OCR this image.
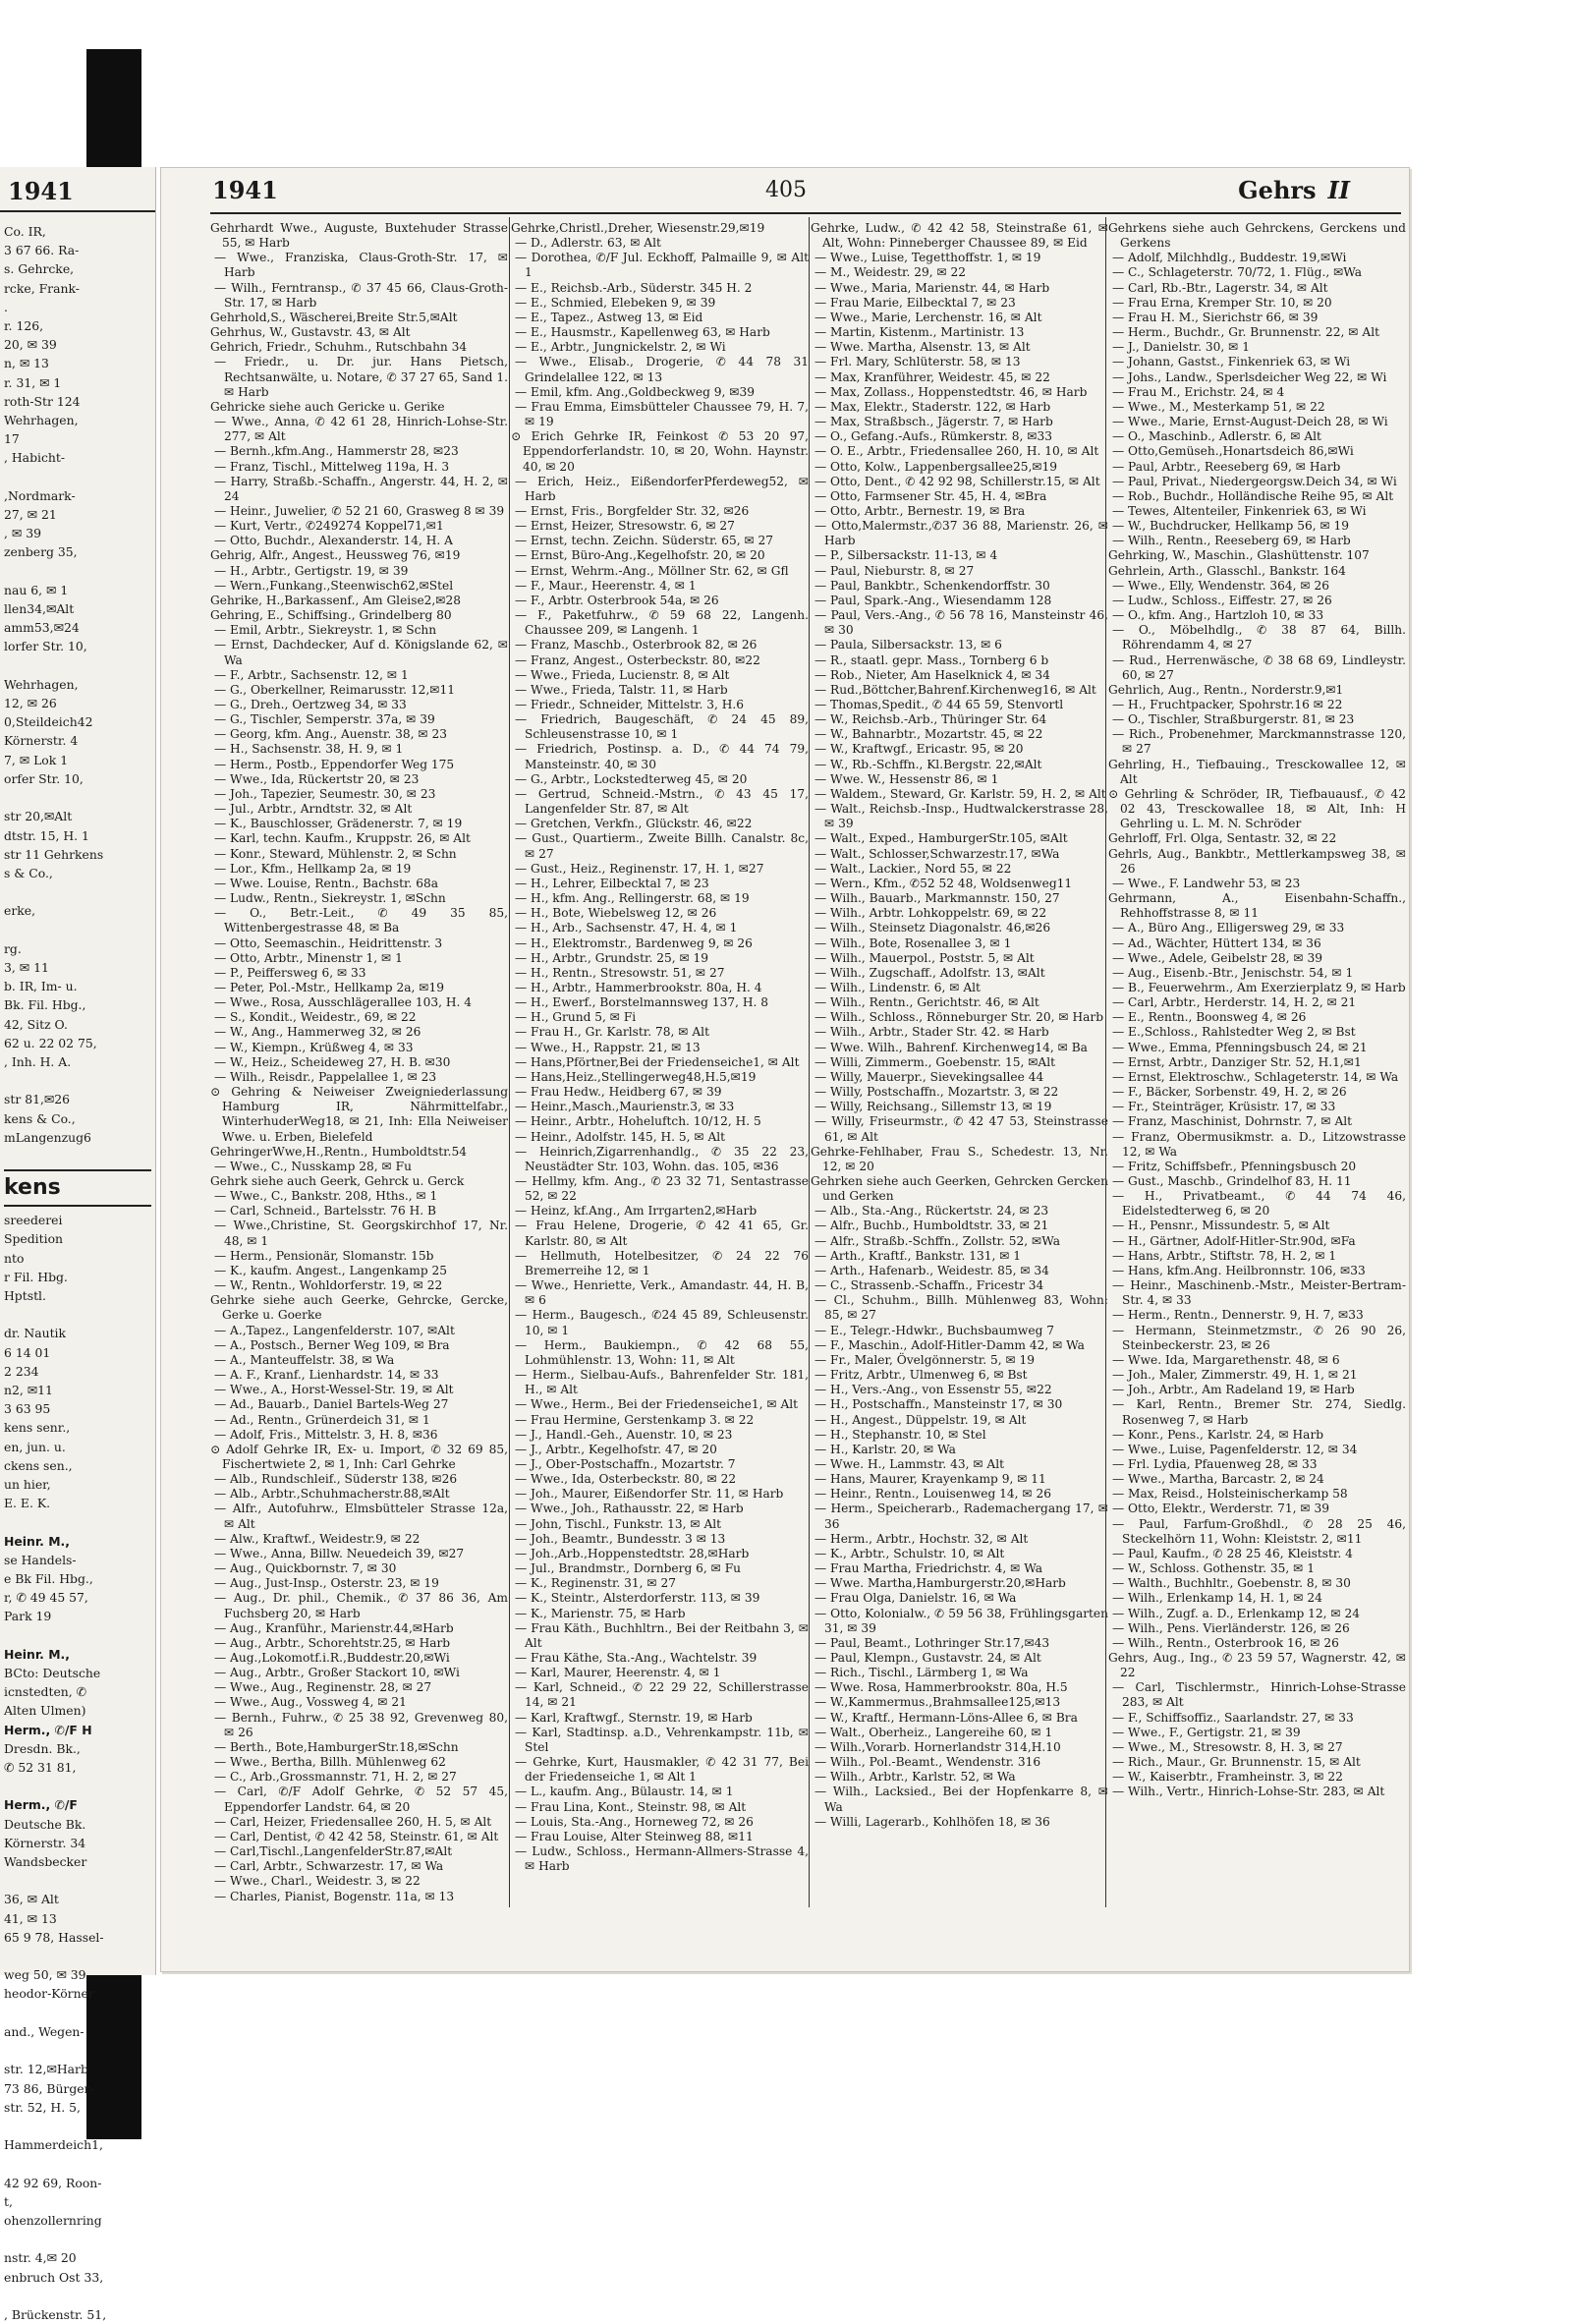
1941
Co. IR,
3 67 66. Ra-
s. Gehrcke,
rcke, Frank-
.
r. 126,
20, ✉ 39
n, ✉ 13
r. 31, ✉ 1
roth-Str 124
Wehrhagen,
17
, Habicht-

,Nordmark-
27, ✉ 21
, ✉ 39
zenberg 35,

nau 6, ✉ 1
llen34,✉Alt
amm53,✉24
lorfer Str. 10,

Wehrhagen,
12, ✉ 26
0,Steildeich42
Körnerstr. 4
7, ✉ Lok 1
orfer Str. 10,

str 20,✉Alt
dtstr. 15, H. 1
str 11 Gehrkens
s & Co.,

erke,

rg.
3, ✉ 11
b. IR, Im- u.
Bk. Fil. Hbg.,
42, Sitz O.
62 u. 22 02 75,
, Inh. H. A.

str 81,✉26
kens & Co.,
mLangenzug6

kens
sreederei
Spedition
nto
r Fil. Hbg.
Hptstl.

dr. Nautik
6 14 01
2 234
n2, ✉11
3 63 95
kens senr.,
en, jun. u.
ckens sen.,
un hier,
E. E. K.

Heinr. M.,
se Handels-
e Bk Fil. Hbg.,
r, ✆ 49 45 57,
Park 19

Heinr. M.,
BCto: Deutsche
icnstedten, ✆
Alten Ulmen)
Herm., ✆/F H
Dresdn. Bk.,
✆ 52 31 81,

Herm., ✆/F
Deutsche Bk.
Körnerstr. 34
Wandsbecker

36, ✉ Alt
41, ✉ 13
65 9 78, Hassel-

weg 50, ✉ 39
heodor-Körner

and., Wegen-

str. 12,✉Harb
73 86, Bürger-
str. 52, H. 5,

Hammerdeich1,

42 92 69, Roon-
t,
ohenzollernring

nstr. 4,✉ 20
enbruch Ost 33,

, Brückenstr. 51,
1941	405	Gehrs II

Gehrhardt Wwe., Auguste, Buxtehuder Strasse 55, ✉ Harb

— Wwe., Franziska, Claus-Groth-Str. 17, ✉ Harb

— Wilh., Ferntransp., ✆ 37 45 66, Claus-Groth-Str. 17, ✉ Harb

Gehrhold,S., Wäscherei,Breite Str.5,✉Alt

Gehrhus, W., Gustavstr. 43, ✉ Alt

Gehrich, Friedr., Schuhm., Rutschbahn 34

— Friedr., u. Dr. jur. Hans Pietsch, Rechtsanwälte, u. Notare, ✆ 37 27 65, Sand 1. ✉ Harb

Gehricke siehe auch Gericke u. Gerike

— Wwe., Anna, ✆ 42 61 28, Hinrich-Lohse-Str. 277, ✉ Alt

— Bernh.,kfm.Ang., Hammerstr 28, ✉23

— Franz, Tischl., Mittelweg 119a, H. 3

— Harry, Straßb.-Schaffn., Angerstr. 44, H. 2, ✉ 24

— Heinr., Juwelier, ✆ 52 21 60, Grasweg 8 ✉ 39

— Kurt, Vertr., ✆249274 Koppel71,✉1

— Otto, Buchdr., Alexanderstr. 14, H. A

Gehrig, Alfr., Angest., Heussweg 76, ✉19

— H., Arbtr., Gertigstr. 19, ✉ 39

— Wern.,Funkang.,Steenwisch62,✉Stel

Gehrike, H.,Barkassenf., Am Gleise2,✉28

Gehring, E., Schiffsing., Grindelberg 80

— Emil, Arbtr., Siekreystr. 1, ✉ Schn

— Ernst, Dachdecker, Auf d. Königslande 62, ✉ Wa

— F., Arbtr., Sachsenstr. 12, ✉ 1

— G., Oberkellner, Reimarusstr. 12,✉11

— G., Dreh., Oertzweg 34, ✉ 33

— G., Tischler, Semperstr. 37a, ✉ 39

— Georg, kfm. Ang., Auenstr. 38, ✉ 23

— H., Sachsenstr. 38, H. 9, ✉ 1

— Herm., Postb., Eppendorfer Weg 175

— Wwe., Ida, Rückertstr 20, ✉ 23

— Joh., Tapezier, Seumestr. 30, ✉ 23

— Jul., Arbtr., Arndtstr. 32, ✉ Alt

— K., Bauschlosser, Grädenerstr. 7, ✉ 19

— Karl, techn. Kaufm., Kruppstr. 26, ✉ Alt

— Konr., Steward, Mühlenstr. 2, ✉ Schn

— Lor., Kfm., Hellkamp 2a, ✉ 19

— Wwe. Louise, Rentn., Bachstr. 68a

— Ludw., Rentn., Siekreystr. 1, ✉Schn

— O., Betr.-Leit., ✆ 49 35 85, Wittenbergestrasse 48, ✉ Ba

— Otto, Seemaschin., Heidrittenstr. 3

— Otto, Arbtr., Minenstr 1, ✉ 1

— P., Peiffersweg 6, ✉ 33

— Peter, Pol.-Mstr., Hellkamp 2a, ✉19

— Wwe., Rosa, Ausschlägerallee 103, H. 4

— S., Kondit., Weidestr., 69, ✉ 22

— W., Ang., Hammerweg 32, ✉ 26

— W., Kiempn., Krüßweg 4, ✉ 33

— W., Heiz., Scheideweg 27, H. B. ✉30

— Wilh., Reisdr., Pappelallee 1, ✉ 23

⊙ Gehring & Neiweiser Zweigniederlassung Hamburg IR, Nährmittelfabr., WinterhuderWeg18, ✉ 21, Inh: Ella Neiweiser Wwe. u. Erben, Bielefeld

GehringerWwe,H.,Rentn., Humboldtstr.54

— Wwe., C., Nusskamp 28, ✉ Fu

Gehrk siehe auch Geerk, Gehrck u. Gerck

— Wwe., C., Bankstr. 208, Hths., ✉ 1

— Carl, Schneid., Bartelsstr. 76 H. B

— Wwe.,Christine, St. Georgskirchhof 17, Nr. 48, ✉ 1

— Herm., Pensionär, Slomanstr. 15b

— K., kaufm. Angest., Langenkamp 25

— W., Rentn., Wohldorferstr. 19, ✉ 22

Gehrke siehe auch Geerke, Gehrcke, Gercke, Gerke u. Goerke

— A.,Tapez., Langenfelderstr. 107, ✉Alt

— A., Postsch., Berner Weg 109, ✉ Bra

— A., Manteuffelstr. 38, ✉ Wa

— A. F., Kranf., Lienhardstr. 14, ✉ 33

— Wwe., A., Horst-Wessel-Str. 19, ✉ Alt

— Ad., Bauarb., Daniel Bartels-Weg 27

— Ad., Rentn., Grünerdeich 31, ✉ 1

— Adolf, Fris., Mittelstr. 3, H. 8, ✉36

⊙ Adolf Gehrke IR, Ex- u. Import, ✆ 32 69 85, Fischertwiete 2, ✉ 1, Inh: Carl Gehrke

— Alb., Rundschleif., Süderstr 138, ✉26

— Alb., Arbtr.,Schuhmacherstr.88,✉Alt

— Alfr., Autofuhrw., Elmsbütteler Strasse 12a, ✉ Alt

— Alw., Kraftwf., Weidestr.9, ✉ 22

— Wwe., Anna, Billw. Neuedeich 39, ✉27

— Aug., Quickbornstr. 7, ✉ 30

— Aug., Just-Insp., Osterstr. 23, ✉ 19

— Aug., Dr. phil., Chemik., ✆ 37 86 36, Am Fuchsberg 20, ✉ Harb

— Aug., Kranführ., Marienstr.44,✉Harb

— Aug., Arbtr., Schorehtstr.25, ✉ Harb

— Aug.,Lokomotf.i.R.,Buddestr.20,✉Wi

— Aug., Arbtr., Großer Stackort 10, ✉Wi

— Wwe., Aug., Reginenstr. 28, ✉ 27

— Wwe., Aug., Vossweg 4, ✉ 21

— Bernh., Fuhrw., ✆ 25 38 92, Grevenweg 80, ✉ 26

— Berth., Bote,HamburgerStr.18,✉Schn

— Wwe., Bertha, Billh. Mühlenweg 62

— C., Arb.,Grossmannstr. 71, H. 2, ✉ 27

— Carl, ✆/F Adolf Gehrke, ✆ 52 57 45, Eppendorfer Landstr. 64, ✉ 20

— Carl, Heizer, Friedensallee 260, H. 5, ✉ Alt

— Carl, Dentist, ✆ 42 42 58, Steinstr. 61, ✉ Alt

— Carl,Tischl.,LangenfelderStr.87,✉Alt

— Carl, Arbtr., Schwarzestr. 17, ✉ Wa

— Wwe., Charl., Weidestr. 3, ✉ 22

— Charles, Pianist, Bogenstr. 11a, ✉ 13

Gehrke,Christl.,Dreher, Wiesenstr.29,✉19

— D., Adlerstr. 63, ✉ Alt

— Dorothea, ✆/F Jul. Eckhoff, Palmaille 9, ✉ Alt 1

— E., Reichsb.-Arb., Süderstr. 345 H. 2

— E., Schmied, Elebeken 9, ✉ 39

— E., Tapez., Astweg 13, ✉ Eid

— E., Hausmstr., Kapellenweg 63, ✉ Harb

— E., Arbtr., Jungnickelstr. 2, ✉ Wi

— Wwe., Elisab., Drogerie, ✆ 44 78 31 Grindelallee 122, ✉ 13

— Emil, kfm. Ang.,Goldbeckweg 9, ✉39

— Frau Emma, Eimsbütteler Chaussee 79, H. 7, ✉ 19

⊙ Erich Gehrke IR, Feinkost ✆ 53 20 97, Eppendorferlandstr. 10, ✉ 20, Wohn. Haynstr. 40, ✉ 20

— Erich, Heiz., EißendorferPferdeweg52, ✉ Harb

— Ernst, Fris., Borgfelder Str. 32, ✉26

— Ernst, Heizer, Stresowstr. 6, ✉ 27

— Ernst, techn. Zeichn. Süderstr. 65, ✉ 27

— Ernst, Büro-Ang.,Kegelhofstr. 20, ✉ 20

— Ernst, Wehrm.-Ang., Möllner Str. 62, ✉ Gfl

— F., Maur., Heerenstr. 4, ✉ 1

— F., Arbtr. Osterbrook 54a, ✉ 26

— F., Paketfuhrw., ✆ 59 68 22, Langenh. Chaussee 209, ✉ Langenh. 1

— Franz, Maschb., Osterbrook 82, ✉ 26

— Franz, Angest., Osterbeckstr. 80, ✉22

— Wwe., Frieda, Lucienstr. 8, ✉ Alt

— Wwe., Frieda, Talstr. 11, ✉ Harb

— Friedr., Schneider, Mittelstr. 3, H.6

— Friedrich, Baugeschäft, ✆ 24 45 89, Schleusenstrasse 10, ✉ 1

— Friedrich, Postinsp. a. D., ✆ 44 74 79, Mansteinstr. 40, ✉ 30

— G., Arbtr., Lockstedterweg 45, ✉ 20

— Gertrud, Schneid.-Mstrn., ✆ 43 45 17, Langenfelder Str. 87, ✉ Alt

— Gretchen, Verkfn., Glückstr. 46, ✉22

— Gust., Quartierm., Zweite Billh. Canalstr. 8c, ✉ 27

— Gust., Heiz., Reginenstr. 17, H. 1, ✉27

— H., Lehrer, Eilbecktal 7, ✉ 23

— H., kfm. Ang., Rellingerstr. 68, ✉ 19

— H., Bote, Wiebelsweg 12, ✉ 26

— H., Arb., Sachsenstr. 47, H. 4, ✉ 1

— H., Elektromstr., Bardenweg 9, ✉ 26

— H., Arbtr., Grundstr. 25, ✉ 19

— H., Rentn., Stresowstr. 51, ✉ 27

— H., Arbtr., Hammerbrookstr. 80a, H. 4

— H., Ewerf., Borstelmannsweg 137, H. 8

— H., Grund 5, ✉ Fi

— Frau H., Gr. Karlstr. 78, ✉ Alt

— Wwe., H., Rappstr. 21, ✉ 13

— Hans,Pförtner,Bei der Friedenseiche1, ✉ Alt

— Hans,Heiz.,Stellingerweg48,H.5,✉19

— Frau Hedw., Heidberg 67, ✉ 39

— Heinr.,Masch.,Maurienstr.3, ✉ 33

— Heinr., Arbtr., Hoheluftch. 10/12, H. 5

— Heinr., Adolfstr. 145, H. 5, ✉ Alt

— Heinrich,Zigarrenhandlg., ✆ 35 22 23, Neustädter Str. 103, Wohn. das. 105, ✉36

— Hellmy, kfm. Ang., ✆ 23 32 71, Sentastrasse 52, ✉ 22

— Heinz, kf.Ang., Am Irrgarten2,✉Harb

— Frau Helene, Drogerie, ✆ 42 41 65, Gr. Karlstr. 80, ✉ Alt

— Hellmuth, Hotelbesitzer, ✆ 24 22 76 Bremerreihe 12, ✉ 1

— Wwe., Henriette, Verk., Amandastr. 44, H. B, ✉ 6

— Herm., Baugesch., ✆24 45 89, Schleusenstr. 10, ✉ 1

— Herm., Baukiempn., ✆ 42 68 55, Lohmühlenstr. 13, Wohn: 11, ✉ Alt

— Herm., Sielbau-Aufs., Bahrenfelder Str. 181, H., ✉ Alt

— Wwe., Herm., Bei der Friedenseiche1, ✉ Alt

— Frau Hermine, Gerstenkamp 3. ✉ 22

— J., Handl.-Geh., Auenstr. 10, ✉ 23

— J., Arbtr., Kegelhofstr. 47, ✉ 20

— J., Ober-Postschaffn., Mozartstr. 7

— Wwe., Ida, Osterbeckstr. 80, ✉ 22

— Joh., Maurer, Eißendorfer Str. 11, ✉ Harb

— Wwe., Joh., Rathausstr. 22, ✉ Harb

— John, Tischl., Funkstr. 13, ✉ Alt

— Joh., Beamtr., Bundesstr. 3 ✉ 13

— Joh.,Arb.,Hoppenstedtstr. 28,✉Harb

— Jul., Brandmstr., Dornberg 6, ✉ Fu

— K., Reginenstr. 31, ✉ 27

— K., Steintr., Alsterdorferstr. 113, ✉ 39

— K., Marienstr. 75, ✉ Harb

— Frau Käth., Buchhltrn., Bei der Reitbahn 3, ✉ Alt

— Frau Käthe, Sta.-Ang., Wachtelstr. 39

— Karl, Maurer, Heerenstr. 4, ✉ 1

— Karl, Schneid., ✆ 22 29 22, Schillerstrasse 14, ✉ 21

— Karl, Kraftwgf., Sternstr. 19, ✉ Harb

— Karl, Stadtinsp. a.D., Vehrenkampstr. 11b, ✉ Stel

— Gehrke, Kurt, Hausmakler, ✆ 42 31 77, Bei der Friedenseiche 1, ✉ Alt 1

— L., kaufm. Ang., Bülaustr. 14, ✉ 1

— Frau Lina, Kont., Steinstr. 98, ✉ Alt

— Louis, Sta.-Ang., Horneweg 72, ✉ 26

— Frau Louise, Alter Steinweg 88, ✉11

— Ludw., Schloss., Hermann-Allmers-Strasse 4, ✉ Harb

Gehrke, Ludw., ✆ 42 42 58, Steinstraße 61, ✉ Alt, Wohn: Pinneberger Chaussee 89, ✉ Eid

— Wwe., Luise, Tegetthoffstr. 1, ✉ 19

— M., Weidestr. 29, ✉ 22

— Wwe., Maria, Marienstr. 44, ✉ Harb

— Frau Marie, Eilbecktal 7, ✉ 23

— Wwe., Marie, Lerchenstr. 16, ✉ Alt

— Martin, Kistenm., Martinistr. 13

— Wwe. Martha, Alsenstr. 13, ✉ Alt

— Frl. Mary, Schlüterstr. 58, ✉ 13

— Max, Kranführer, Weidestr. 45, ✉ 22

— Max, Zollass., Hoppenstedtstr. 46, ✉ Harb

— Max, Elektr., Staderstr. 122, ✉ Harb

— Max, Straßbsch., Jägerstr. 7, ✉ Harb

— O., Gefang.-Aufs., Rümkerstr. 8, ✉33

— O. E., Arbtr., Friedensallee 260, H. 10, ✉ Alt

— Otto, Kolw., Lappenbergsallee25,✉19

— Otto, Dent., ✆ 42 92 98, Schillerstr.15, ✉ Alt

— Otto, Farmsener Str. 45, H. 4, ✉Bra

— Otto, Arbtr., Bernestr. 19, ✉ Bra

— Otto,Malermstr.,✆37 36 88, Marienstr. 26, ✉ Harb

— P., Silbersackstr. 11-13, ✉ 4

— Paul, Nieburstr. 8, ✉ 27

— Paul, Bankbtr., Schenkendorffstr. 30

— Paul, Spark.-Ang., Wiesendamm 128

— Paul, Vers.-Ang., ✆ 56 78 16, Mansteinstr 46, ✉ 30

— Paula, Silbersackstr. 13, ✉ 6

— R., staatl. gepr. Mass., Tornberg 6 b

— Rob., Nieter, Am Haselknick 4, ✉ 34

— Rud.,Böttcher,Bahrenf.Kirchenweg16, ✉ Alt

— Thomas,Spedit., ✆ 44 65 59, Stenvortl

— W., Reichsb.-Arb., Thüringer Str. 64

— W., Bahnarbtr., Mozartstr. 45, ✉ 22

— W., Kraftwgf., Ericastr. 95, ✉ 20

— W., Rb.-Schffn., Kl.Bergstr. 22,✉Alt

— Wwe. W., Hessenstr 86, ✉ 1

— Waldem., Steward, Gr. Karlstr. 59, H. 2, ✉ Alt

— Walt., Reichsb.-Insp., Hudtwalckerstrasse 28, ✉ 39

— Walt., Exped., HamburgerStr.105, ✉Alt

— Walt., Schlosser,Schwarzestr.17, ✉Wa

— Walt., Lackier., Nord 55, ✉ 22

— Wern., Kfm., ✆52 52 48, Woldsenweg11

— Wilh., Bauarb., Markmannstr. 150, 27

— Wilh., Arbtr. Lohkoppelstr. 69, ✉ 22

— Wilh., Steinsetz Diagonalstr. 46,✉26

— Wilh., Bote, Rosenallee 3, ✉ 1

— Wilh., Mauerpol., Poststr. 5, ✉ Alt

— Wilh., Zugschaff., Adolfstr. 13, ✉Alt

— Wilh., Lindenstr. 6, ✉ Alt

— Wilh., Rentn., Gerichtstr. 46, ✉ Alt

— Wilh., Schloss., Rönneburger Str. 20, ✉ Harb

— Wilh., Arbtr., Stader Str. 42. ✉ Harb

— Wwe. Wilh., Bahrenf. Kirchenweg14, ✉ Ba

— Willi, Zimmerm., Goebenstr. 15, ✉Alt

— Willy, Mauerpr., Sievekingsallee 44

— Willy, Postschaffn., Mozartstr. 3, ✉ 22

— Willy, Reichsang., Sillemstr 13, ✉ 19

— Willy, Friseurmstr., ✆ 42 47 53, Steinstrasse 61, ✉ Alt

Gehrke-Fehlhaber, Frau S., Schedestr. 13, Nr. 12, ✉ 20

Gehrken siehe auch Geerken, Gehrcken Gercken und Gerken

— Alb., Sta.-Ang., Rückertstr. 24, ✉ 23

— Alfr., Buchb., Humboldtstr. 33, ✉ 21

— Alfr., Straßb.-Schffn., Zollstr. 52, ✉Wa

— Arth., Kraftf., Bankstr. 131, ✉ 1

— Arth., Hafenarb., Weidestr. 85, ✉ 34

— C., Strassenb.-Schaffn., Fricestr 34

— Cl., Schuhm., Billh. Mühlenweg 83, Wohn: 85, ✉ 27

— E., Telegr.-Hdwkr., Buchsbaumweg 7

— F., Maschin., Adolf-Hitler-Damm 42, ✉ Wa

— Fr., Maler, Övelgönnerstr. 5, ✉ 19

— Fritz, Arbtr., Ulmenweg 6, ✉ Bst

— H., Vers.-Ang., von Essenstr 55, ✉22

— H., Postschaffn., Mansteinstr 17, ✉ 30

— H., Angest., Düppelstr. 19, ✉ Alt

— H., Stephanstr. 10, ✉ Stel

— H., Karlstr. 20, ✉ Wa

— Wwe. H., Lammstr. 43, ✉ Alt

— Hans, Maurer, Krayenkamp 9, ✉ 11

— Heinr., Rentn., Louisenweg 14, ✉ 26

— Herm., Speicherarb., Rademachergang 17, ✉ 36

— Herm., Arbtr., Hochstr. 32, ✉ Alt

— K., Arbtr., Schulstr. 10, ✉ Alt

— Frau Martha, Friedrichstr. 4, ✉ Wa

— Wwe. Martha,Hamburgerstr.20,✉Harb

— Frau Olga, Danielstr. 16, ✉ Wa

— Otto, Kolonialw., ✆ 59 56 38, Frühlingsgarten 31, ✉ 39

— Paul, Beamt., Lothringer Str.17,✉43

— Paul, Klempn., Gustavstr. 24, ✉ Alt

— Rich., Tischl., Lärmberg 1, ✉ Wa

— Wwe. Rosa, Hammerbrookstr. 80a, H.5

— W.,Kammermus.,Brahmsallee125,✉13

— W., Kraftf., Hermann-Löns-Allee 6, ✉ Bra

— Walt., Oberheiz., Langereihe 60, ✉ 1

— Wilh.,Vorarb. Hornerlandstr 314,H.10

— Wilh., Pol.-Beamt., Wendenstr. 316

— Wilh., Arbtr., Karlstr. 52, ✉ Wa

— Wilh., Lacksied., Bei der Hopfenkarre 8, ✉ Wa

— Willi, Lagerarb., Kohlhöfen 18, ✉ 36

Gehrkens siehe auch Gehrckens, Gerckens und Gerkens

— Adolf, Milchhdlg., Buddestr. 19,✉Wi

— C., Schlageterstr. 70/72, 1. Flüg., ✉Wa

— Carl, Rb.-Btr., Lagerstr. 34, ✉ Alt

— Frau Erna, Kremper Str. 10, ✉ 20

— Frau H. M., Sierichstr 66, ✉ 39

— Herm., Buchdr., Gr. Brunnenstr. 22, ✉ Alt

— J., Danielstr. 30, ✉ 1

— Johann, Gastst., Finkenriek 63, ✉ Wi

— Johs., Landw., Sperlsdeicher Weg 22, ✉ Wi

— Frau M., Erichstr. 24, ✉ 4

— Wwe., M., Mesterkamp 51, ✉ 22

— Wwe., Marie, Ernst-August-Deich 28, ✉ Wi

— O., Maschinb., Adlerstr. 6, ✉ Alt

— Otto,Gemüseh.,Honartsdeich 86,✉Wi

— Paul, Arbtr., Reeseberg 69, ✉ Harb

— Paul, Privat., Niedergeorgsw.Deich 34, ✉ Wi

— Rob., Buchdr., Holländische Reihe 95, ✉ Alt

— Tewes, Altenteiler, Finkenriek 63, ✉ Wi

— W., Buchdrucker, Hellkamp 56, ✉ 19

— Wilh., Rentn., Reeseberg 69, ✉ Harb

Gehrking, W., Maschin., Glashüttenstr. 107

Gehrlein, Arth., Glasschl., Bankstr. 164

— Wwe., Elly, Wendenstr. 364, ✉ 26

— Ludw., Schloss., Eiffestr. 27, ✉ 26

— O., kfm. Ang., Hartzloh 10, ✉ 33

— O., Möbelhdlg., ✆ 38 87 64, Billh. Röhrendamm 4, ✉ 27

— Rud., Herrenwäsche, ✆ 38 68 69, Lindleystr. 60, ✉ 27

Gehrlich, Aug., Rentn., Norderstr.9,✉1

— H., Fruchtpacker, Spohrstr.16 ✉ 22

— O., Tischler, Straßburgerstr. 81, ✉ 23

— Rich., Probenehmer, Marckmannstrasse 120, ✉ 27

Gehrling, H., Tiefbauing., Tresckowallee 12, ✉ Alt

⊙ Gehrling & Schröder, IR, Tiefbauausf., ✆ 42 02 43, Tresckowallee 18, ✉ Alt, Inh: H Gehrling u. L. M. N. Schröder

Gehrloff, Frl. Olga, Sentastr. 32, ✉ 22

Gehrls, Aug., Bankbtr., Mettlerkampsweg 38, ✉ 26

— Wwe., F. Landwehr 53, ✉ 23

Gehrmann, A., Eisenbahn-Schaffn., Rehhoffstrasse 8, ✉ 11

— A., Büro Ang., Elligersweg 29, ✉ 33

— Ad., Wächter, Hüttert 134, ✉ 36

— Wwe., Adele, Geibelstr 28, ✉ 39

— Aug., Eisenb.-Btr., Jenischstr. 54, ✉ 1

— B., Feuerwehrm., Am Exerzierplatz 9, ✉ Harb

— Carl, Arbtr., Herderstr. 14, H. 2, ✉ 21

— E., Rentn., Boonsweg 4, ✉ 26

— E.,Schloss., Rahlstedter Weg 2, ✉ Bst

— Wwe., Emma, Pfenningsbusch 24, ✉ 21

— Ernst, Arbtr., Danziger Str. 52, H.1,✉1

— Ernst, Elektroschw., Schlageterstr. 14, ✉ Wa

— F., Bäcker, Sorbenstr. 49, H. 2, ✉ 26

— Fr., Steinträger, Krüsistr. 17, ✉ 33

— Franz, Maschinist, Dohrnstr. 7, ✉ Alt

— Franz, Obermusikmstr. a. D., Litzowstrasse 12, ✉ Wa

— Fritz, Schiffsbefr., Pfenningsbusch 20

— Gust., Maschb., Grindelhof 83, H. 11

— H., Privatbeamt., ✆ 44 74 46, Eidelstedterweg 6, ✉ 20

— H., Pensnr., Missundestr. 5, ✉ Alt

— H., Gärtner, Adolf-Hitler-Str.90d, ✉Fa

— Hans, Arbtr., Stiftstr. 78, H. 2, ✉ 1

— Hans, kfm.Ang. Heilbronnstr. 106, ✉33

— Heinr., Maschinenb.-Mstr., Meister-Bertram-Str. 4, ✉ 33

— Herm., Rentn., Dennerstr. 9, H. 7, ✉33

— Hermann, Steinmetzmstr., ✆ 26 90 26, Steinbeckerstr. 23, ✉ 26

— Wwe. Ida, Margarethenstr. 48, ✉ 6

— Joh., Maler, Zimmerstr. 49, H. 1, ✉ 21

— Joh., Arbtr., Am Radeland 19, ✉ Harb

— Karl, Rentn., Bremer Str. 274, Siedlg. Rosenweg 7, ✉ Harb

— Konr., Pens., Karlstr. 24, ✉ Harb

— Wwe., Luise, Pagenfelderstr. 12, ✉ 34

— Frl. Lydia, Pfauenweg 28, ✉ 33

— Wwe., Martha, Barcastr. 2, ✉ 24

— Max, Reisd., Holsteinischerkamp 58

— Otto, Elektr., Werderstr. 71, ✉ 39

— Paul, Farfum-Großhdl., ✆ 28 25 46, Steckelhörn 11, Wohn: Kleiststr. 2, ✉11

— Paul, Kaufm., ✆ 28 25 46, Kleiststr. 4

— W., Schloss. Gothenstr. 35, ✉ 1

— Walth., Buchhltr., Goebenstr. 8, ✉ 30

— Wilh., Erlenkamp 14, H. 1, ✉ 24

— Wilh., Zugf. a. D., Erlenkamp 12, ✉ 24

— Wilh., Pens. Vierländerstr. 126, ✉ 26

— Wilh., Rentn., Osterbrook 16, ✉ 26

Gehrs, Aug., Ing., ✆ 23 59 57, Wagnerstr. 42, ✉ 22

— Carl, Tischlermstr., Hinrich-Lohse-Strasse 283, ✉ Alt

— F., Schiffsoffiz., Saarlandstr. 27, ✉ 33

— Wwe., F., Gertigstr. 21, ✉ 39

— Wwe., M., Stresowstr. 8, H. 3, ✉ 27

— Rich., Maur., Gr. Brunnenstr. 15, ✉ Alt

— W., Kaiserbtr., Framheinstr. 3, ✉ 22

— Wilh., Vertr., Hinrich-Lohse-Str. 283, ✉ Alt
